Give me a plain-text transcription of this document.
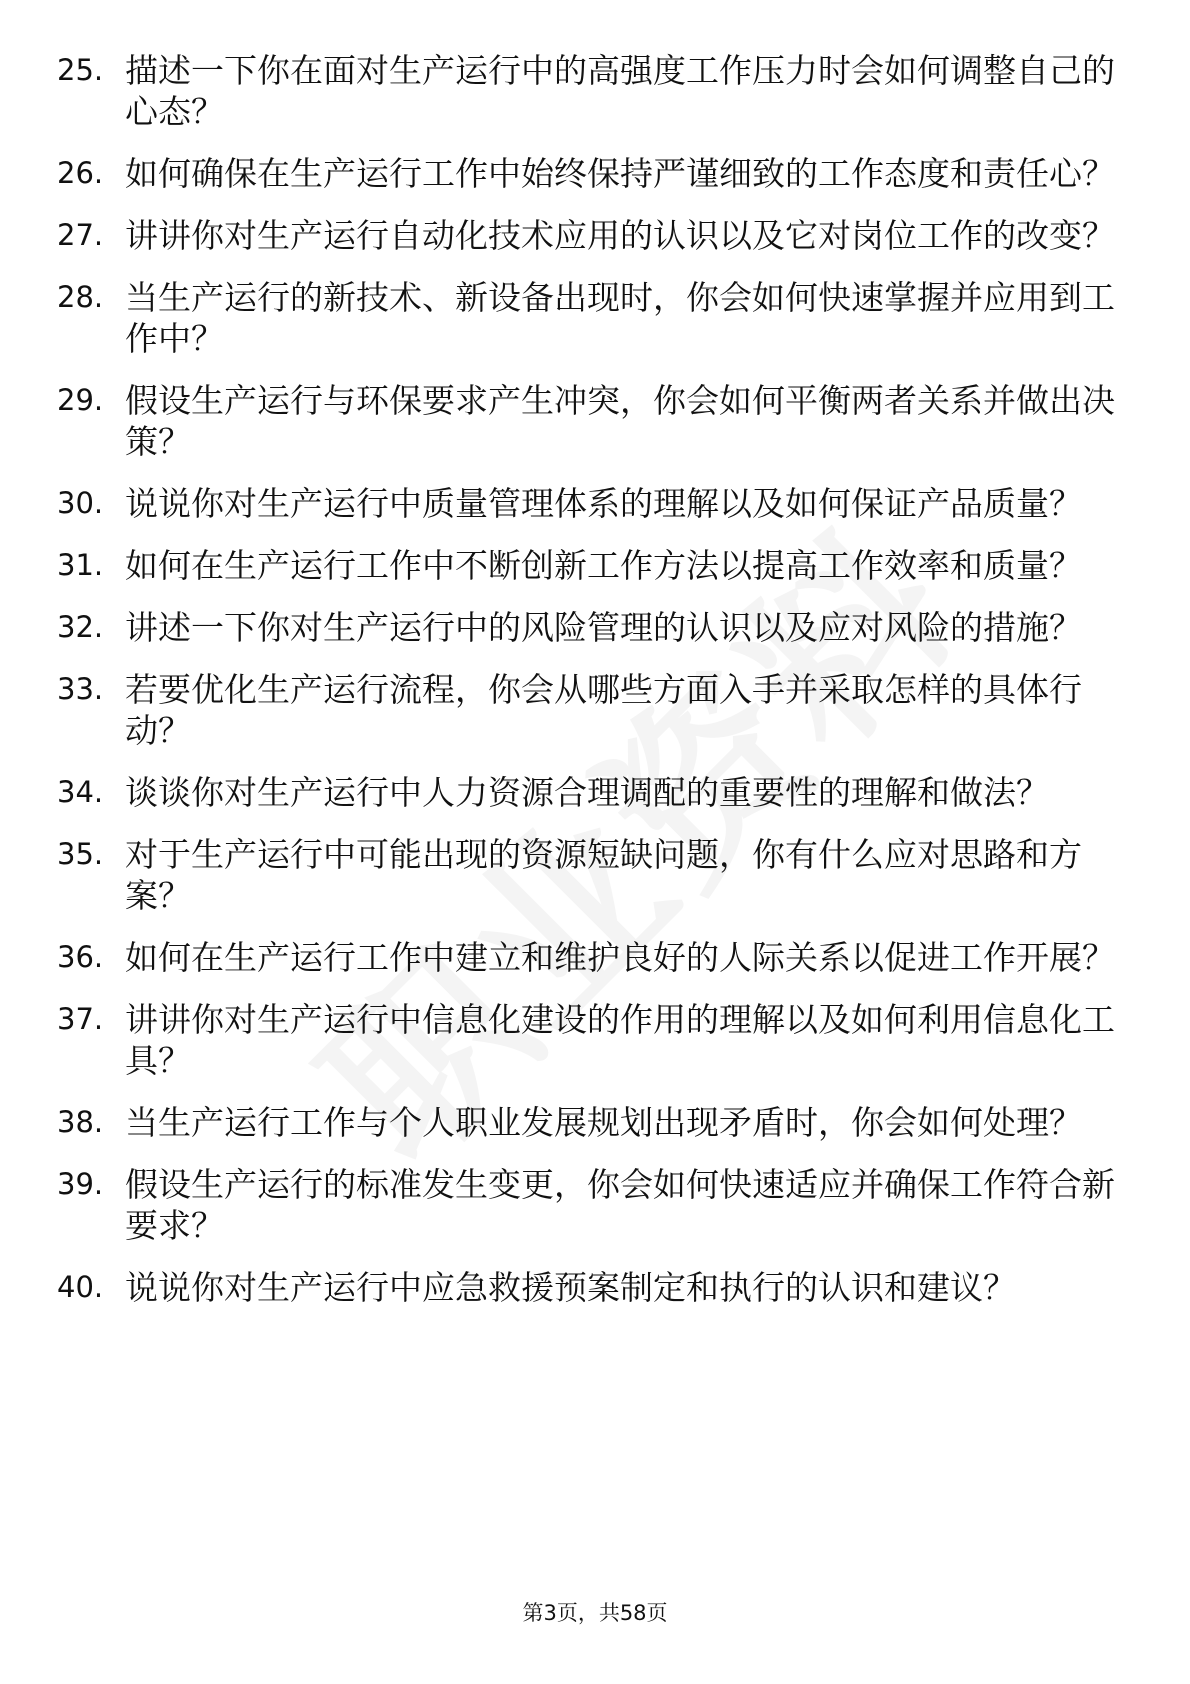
25. 描述一下你在面对生产运行中的高强度工作压力时会如何调整自己的心态？
26. 如何确保在生产运行工作中始终保持严谨细致的工作态度和责任心？
27. 讲讲你对生产运行自动化技术应用的认识以及它对岗位工作的改变？
28. 当生产运行的新技术、新设备出现时，你会如何快速掌握并应用到工作中？
29. 假设生产运行与环保要求产生冲突，你会如何平衡两者关系并做出决策？
30. 说说你对生产运行中质量管理体系的理解以及如何保证产品质量？
31. 如何在生产运行工作中不断创新工作方法以提高工作效率和质量？
32. 讲述一下你对生产运行中的风险管理的认识以及应对风险的措施？
33. 若要优化生产运行流程，你会从哪些方面入手并采取怎样的具体行动？
34. 谈谈你对生产运行中人力资源合理调配的重要性的理解和做法？
35. 对于生产运行中可能出现的资源短缺问题，你有什么应对思路和方案？
36. 如何在生产运行工作中建立和维护良好的人际关系以促进工作开展？
37. 讲讲你对生产运行中信息化建设的作用的理解以及如何利用信息化工具？
38. 当生产运行工作与个人职业发展规划出现矛盾时，你会如何处理？
39. 假设生产运行的标准发生变更，你会如何快速适应并确保工作符合新要求？
40. 说说你对生产运行中应急救援预案制定和执行的认识和建议？
第3页，共58页
